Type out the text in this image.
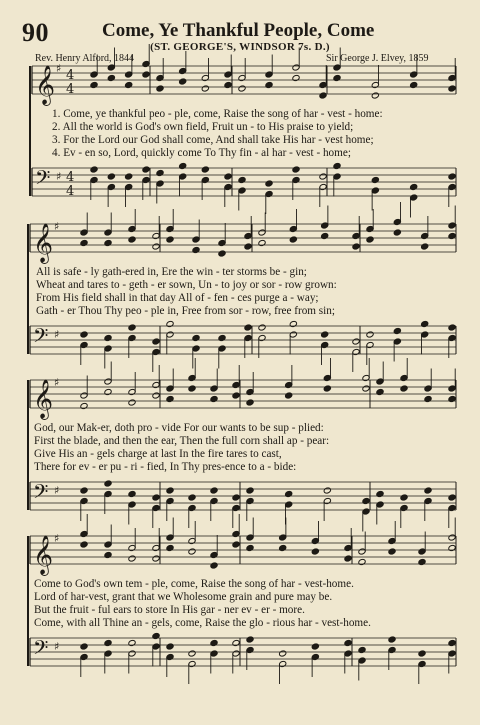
90	Come, Ye Thankful People, Come
(ST. GEORGE'S, WINDSOR 7s. D.)
Rev. Henry Alford, 1844	Sir George J. Elvey, 1859
𝄞 ♯ 4
4
𝄢 ♯ 4
4
𝄞 ♯
𝄢 ♯
𝄞 ♯
𝄢 ♯
𝄞 ♯
𝄢 ♯
1. Come, ye thankful peo - ple, come, Raise the song of har - vest - home:
2. All the world is God's own field, Fruit un - to His praise to yield;
3. For the Lord our God shall come, And shall take His har - vest home;
4. Ev - en so, Lord, quickly come To Thy fin - al har - vest - home;
All is safe - ly gath-ered in, Ere the win - ter storms be - gin;
Wheat and tares to - geth - er sown, Un - to joy or sor - row grown:
From His field shall in that day All of - fen - ces purge a - way;
Gath - er Thou Thy peo - ple in, Free from sor - row, free from sin;
God, our Mak-er, doth pro - vide For our wants to be sup - plied:
First the blade, and then the ear, Then the full corn shall ap - pear:
Give His an - gels charge at last In the fire tares to cast,
There for ev - er pu - ri - fied, In Thy pres-ence to a - bide:
Come to God's own tem - ple, come, Raise the song of har - vest-home.
Lord of har-vest, grant that we Wholesome grain and pure may be.
But the fruit - ful ears to store In His gar - ner ev - er - more.
Come, with all Thine an - gels, come, Raise the glo - rious har - vest-home.
